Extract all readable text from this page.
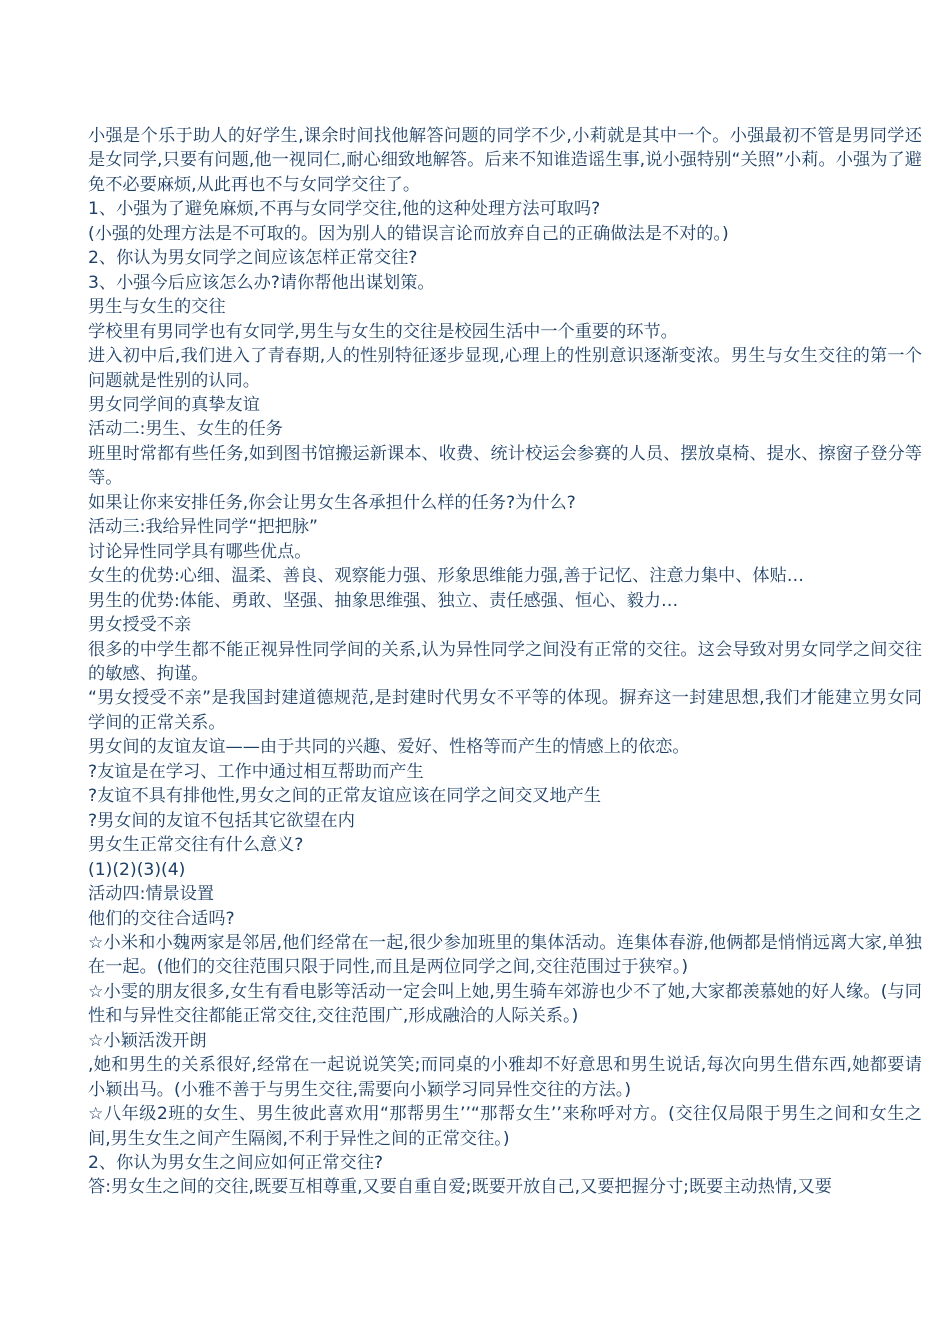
小强是个乐于助人的好学生,课余时间找他解答问题的同学不少,小莉就是其中一个。小强最初不管是男同学还是女同学,只要有问题,他一视同仁,耐心细致地解答。后来不知谁造谣生事,说小强特别“关照”小莉。小强为了避免不必要麻烦,从此再也不与女同学交往了。

1、小强为了避免麻烦,不再与女同学交往,他的这种处理方法可取吗?

(小强的处理方法是不可取的。因为别人的错误言论而放弃自己的正确做法是不对的。)

2、你认为男女同学之间应该怎样正常交往?

3、小强今后应该怎么办?请你帮他出谋划策。

男生与女生的交往

学校里有男同学也有女同学,男生与女生的交往是校园生活中一个重要的环节。

进入初中后,我们进入了青春期,人的性别特征逐步显现,心理上的性别意识逐渐变浓。男生与女生交往的第一个问题就是性别的认同。

男女同学间的真挚友谊

活动二:男生、女生的任务

班里时常都有些任务,如到图书馆搬运新课本、收费、统计校运会参赛的人员、摆放桌椅、提水、擦窗子登分等等。

如果让你来安排任务,你会让男女生各承担什么样的任务?为什么?

活动三:我给异性同学“把把脉”

讨论异性同学具有哪些优点。

女生的优势:心细、温柔、善良、观察能力强、形象思维能力强,善于记忆、注意力集中、体贴…

男生的优势:体能、勇敢、坚强、抽象思维强、独立、责任感强、恒心、毅力…

男女授受不亲

很多的中学生都不能正视异性同学间的关系,认为异性同学之间没有正常的交往。这会导致对男女同学之间交往的敏感、拘谨。

“男女授受不亲”是我国封建道德规范,是封建时代男女不平等的体现。摒弃这一封建思想,我们才能建立男女同学间的正常关系。

男女间的友谊友谊——由于共同的兴趣、爱好、性格等而产生的情感上的依恋。

?友谊是在学习、工作中通过相互帮助而产生

?友谊不具有排他性,男女之间的正常友谊应该在同学之间交叉地产生

?男女间的友谊不包括其它欲望在内

男女生正常交往有什么意义?

(1)(2)(3)(4)

活动四:情景设置

他们的交往合适吗?

☆小米和小魏两家是邻居,他们经常在一起,很少参加班里的集体活动。连集体春游,他俩都是悄悄远离大家,单独在一起。(他们的交往范围只限于同性,而且是两位同学之间,交往范围过于狭窄。)

☆小雯的朋友很多,女生有看电影等活动一定会叫上她,男生骑车郊游也少不了她,大家都羡慕她的好人缘。(与同性和与异性交往都能正常交往,交往范围广,形成融洽的人际关系。)

☆小颖活泼开朗

,她和男生的关系很好,经常在一起说说笑笑;而同桌的小雅却不好意思和男生说话,每次向男生借东西,她都要请小颖出马。(小雅不善于与男生交往,需要向小颖学习同异性交往的方法。)

☆八年级2班的女生、男生彼此喜欢用“那帮男生’’“那帮女生’’来称呼对方。(交往仅局限于男生之间和女生之间,男生女生之间产生隔阂,不利于异性之间的正常交往。)

2、你认为男女生之间应如何正常交往?

答:男女生之间的交往,既要互相尊重,又要自重自爱;既要开放自己,又要把握分寸;既要主动热情,又要
